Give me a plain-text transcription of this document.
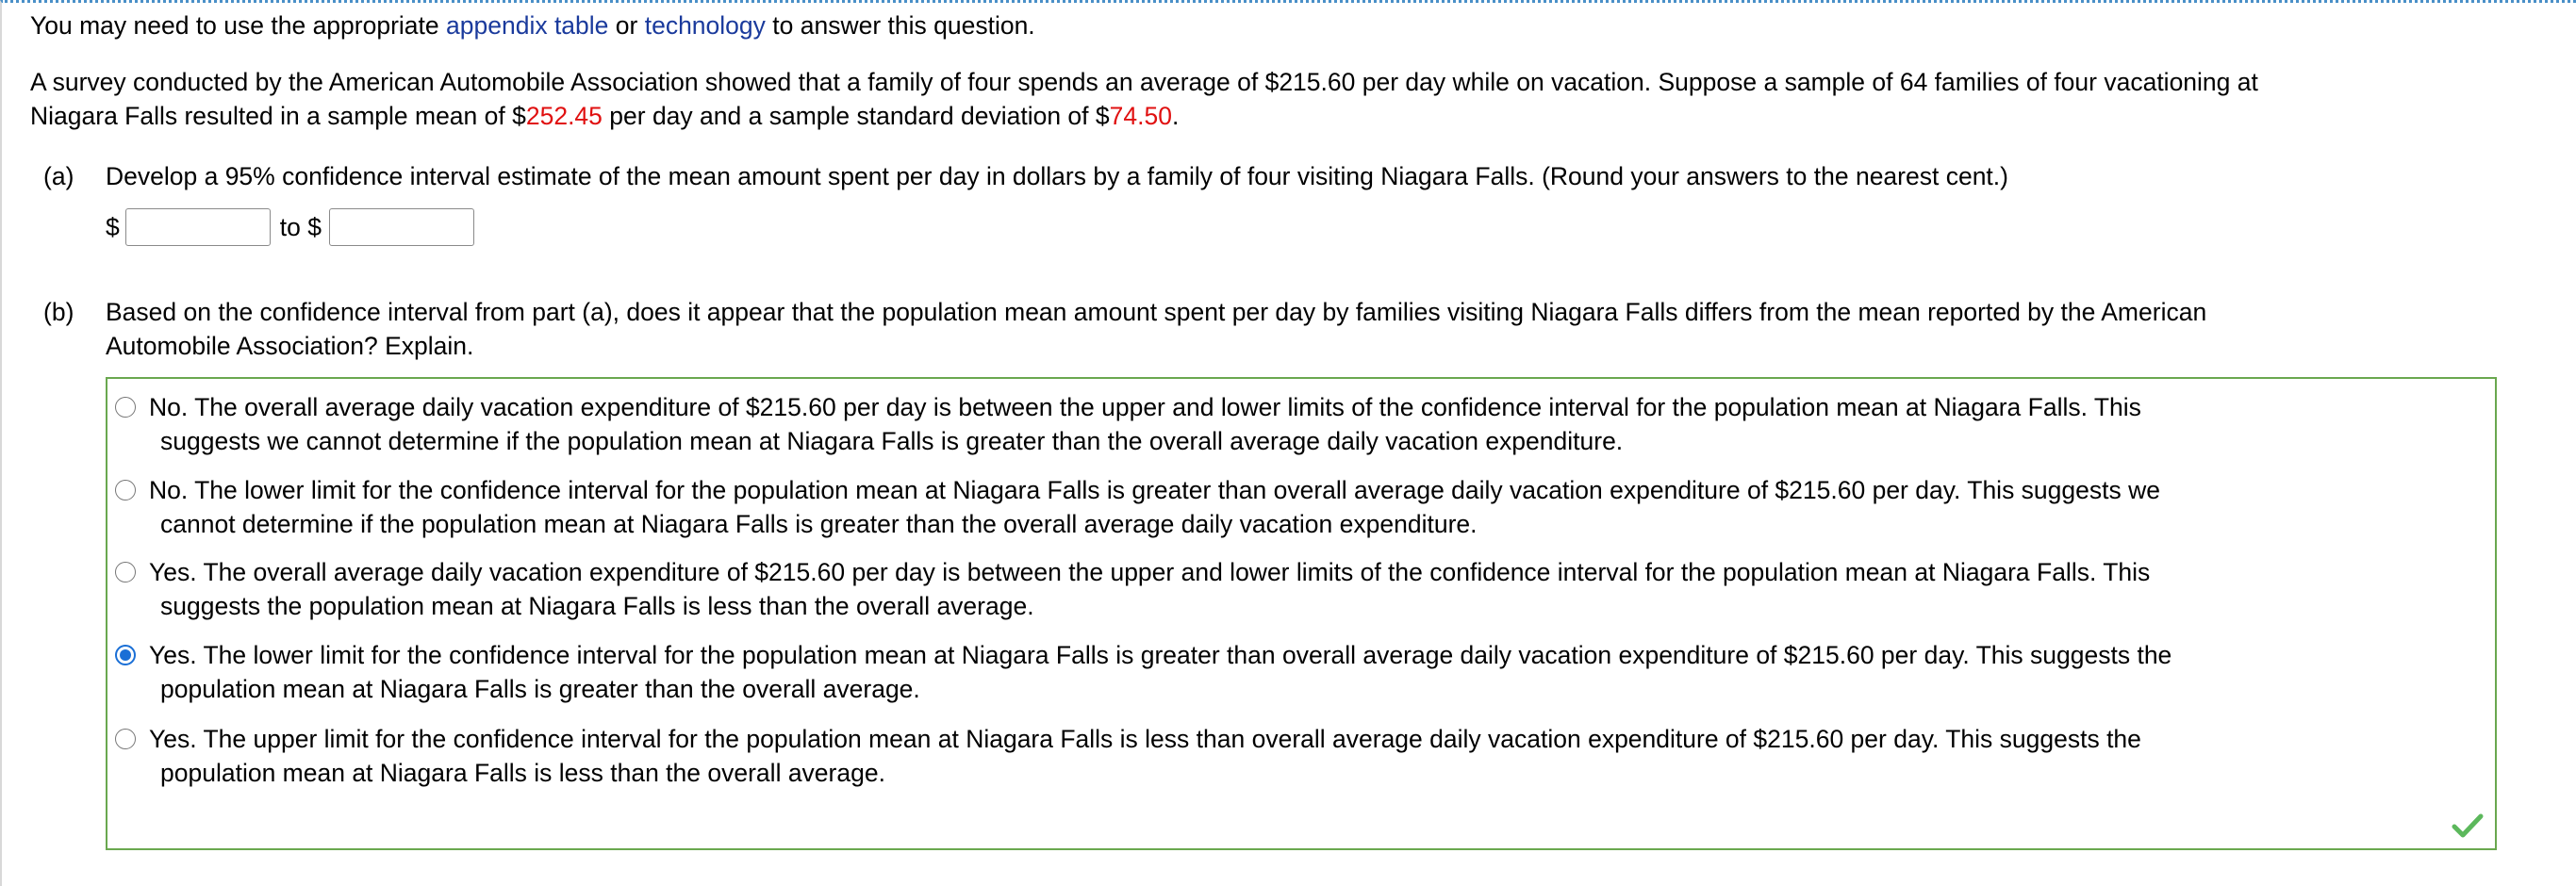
You may need to use the appropriate appendix table or technology to answer this question.
A survey conducted by the American Automobile Association showed that a family of four spends an average of $215.60 per day while on vacation. Suppose a sample of 64 families of four vacationing at
Niagara Falls resulted in a sample mean of $252.45 per day and a sample standard deviation of $74.50.
(a) Develop a 95% confidence interval estimate of the mean amount spent per day in dollars by a family of four visiting Niagara Falls. (Round your answers to the nearest cent.)
$	to $
(b) Based on the confidence interval from part (a), does it appear that the population mean amount spent per day by families visiting Niagara Falls differs from the mean reported by the American
Automobile Association? Explain.
No. The overall average daily vacation expenditure of $215.60 per day is between the upper and lower limits of the confidence interval for the population mean at Niagara Falls. This
suggests we cannot determine if the population mean at Niagara Falls is greater than the overall average daily vacation expenditure.
No. The lower limit for the confidence interval for the population mean at Niagara Falls is greater than overall average daily vacation expenditure of $215.60 per day. This suggests we
cannot determine if the population mean at Niagara Falls is greater than the overall average daily vacation expenditure.
Yes. The overall average daily vacation expenditure of $215.60 per day is between the upper and lower limits of the confidence interval for the population mean at Niagara Falls. This
suggests the population mean at Niagara Falls is less than the overall average.
Yes. The lower limit for the confidence interval for the population mean at Niagara Falls is greater than overall average daily vacation expenditure of $215.60 per day. This suggests the
population mean at Niagara Falls is greater than the overall average.
Yes. The upper limit for the confidence interval for the population mean at Niagara Falls is less than overall average daily vacation expenditure of $215.60 per day. This suggests the
population mean at Niagara Falls is less than the overall average.
